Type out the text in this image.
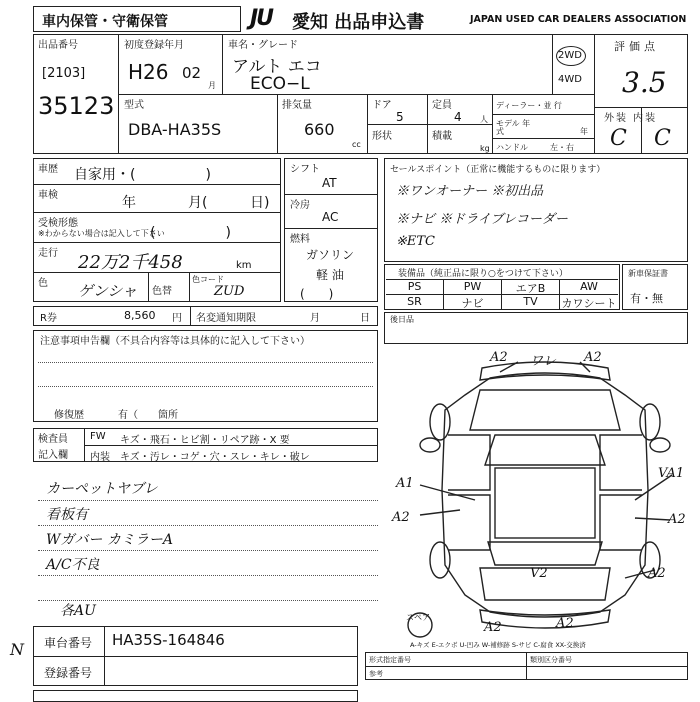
車内保管・守衛保管	JU 愛知 出品申込書	JAPAN USED CAR DEALERS ASSOCIATION
出品番号
[2103]
35123
初度登録年月
H26 02
月
車名・グレード
アルト エコ
ECO−L
2WD
4WD
評価点
3.5
型式
DBA-HA35S
排気量
660
cc
ドア
5
形状
定員
4 人
積載
kg
ディーラー・並 行
モデル 年式	年
ハンドル	左・右
外装 内装
C C
車歴 自家用・(　　　　　)
車検	年	月(	日)
受検形態
※わからない場合は記入して下さい
(　　　　　)
走行 22万2千458	km
色 ゲンシャ 色替
色コード
ZUD
R券	8,560 円 名変通知期限	月	日
シフト
AT
冷房
AC
燃料
ガソリン
軽 油
(　　)
セールスポイント（正常に機能するものに限ります）
※ワンオーナー ※初出品
※ナビ ※ドライブレコーダー
※ETC
装備品（純正品に限り○をつけて下さい）
PS	PW	エアB	AW
SR	ナビ	TV	カワシート
新車保証書
有・無
後日品
注意事項申告欄（不具合内容等は具体的に記入して下さい）
修復歴	有（　　箇所
検査員
記入欄
FW キズ・飛石・ヒビ割・リペア跡・X 要
内装 キズ・汚レ・コゲ・穴・スレ・キレ・破レ
カーペットヤブレ
看板有
Wガバー カミラーA
A/C不良
各AU
N 車台番号 HA35S-164846
登録番号
A2 ワレ A2
A1
A2
VA1
A2
V2	A2
A2	A2
スペア
A-キズ E-エクボ U-凹み W-補修跡 S-サビ C-腐食 XX-交換済
形式指定番号	類別区分番号
参考
